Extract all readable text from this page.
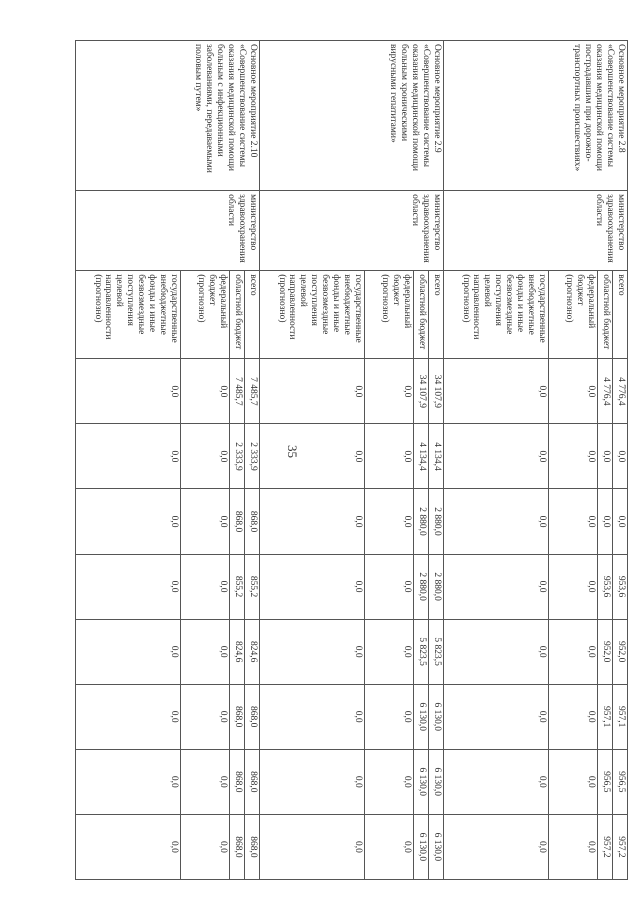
35
Основное мероприятие 2.8 «Совершенствование системы оказания медицинской помощи пострадавшим при дорожно-транспортных происшествиях»	министерство здравоохранения области	всего	4 776,4	0,0	0,0	953,6	952,0	957,1	956,5	957,2
		областной бюджет	4 776,4	0,0	0,0	953,6	952,0	957,1	956,5	957,2
		федеральный бюджет (прогнозно)	0,0	0,0	0,0	0,0	0,0	0,0	0,0	0,0
		государственные внебюджетные фонды и иные безвозмездные поступления целевой направленности (прогнозно)	0,0	0,0	0,0	0,0	0,0	0,0	0,0	0,0
Основное мероприятие 2.9 «Совершенствование системы оказания медицинской помощи больным хроническими вирусными гепатитами»	министерство здравоохранения области	всего	34 107,9	4 134,4	2 880,0	2 880,0	5 823,5	6 130,0	6 130,0	6 130,0
		областной бюджет	34 107,9	4 134,4	2 880,0	2 880,0	5 823,5	6 130,0	6 130,0	6 130,0
		федеральный бюджет (прогнозно)	0,0	0,0	0,0	0,0	0,0	0,0	0,0	0,0
		государственные внебюджетные фонды и иные безвозмездные поступления целевой направленности (прогнозно)	0,0	0,0	0,0	0,0	0,0	0,0	0,0	0,0
Основное мероприятие 2.10 «Совершенствование системы оказания медицинской помощи больным с инфекционными заболеваниями, передаваемыми половым путем»	министерство здравоохранения области	всего	7 485,7	2 333,9	868,0	855,2	824,6	868,0	868,0	868,0
		областной бюджет	7 485,7	2 333,9	868,0	855,2	824,6	868,0	868,0	868,0
		федеральный бюджет (прогнозно)	0,0	0,0	0,0	0,0	0,0	0,0	0,0	0,0
		государственные внебюджетные фонды и иные безвозмездные поступления целевой направленности (прогнозно)	0,0	0,0	0,0	0,0	0,0	0,0	0,0	0,0
